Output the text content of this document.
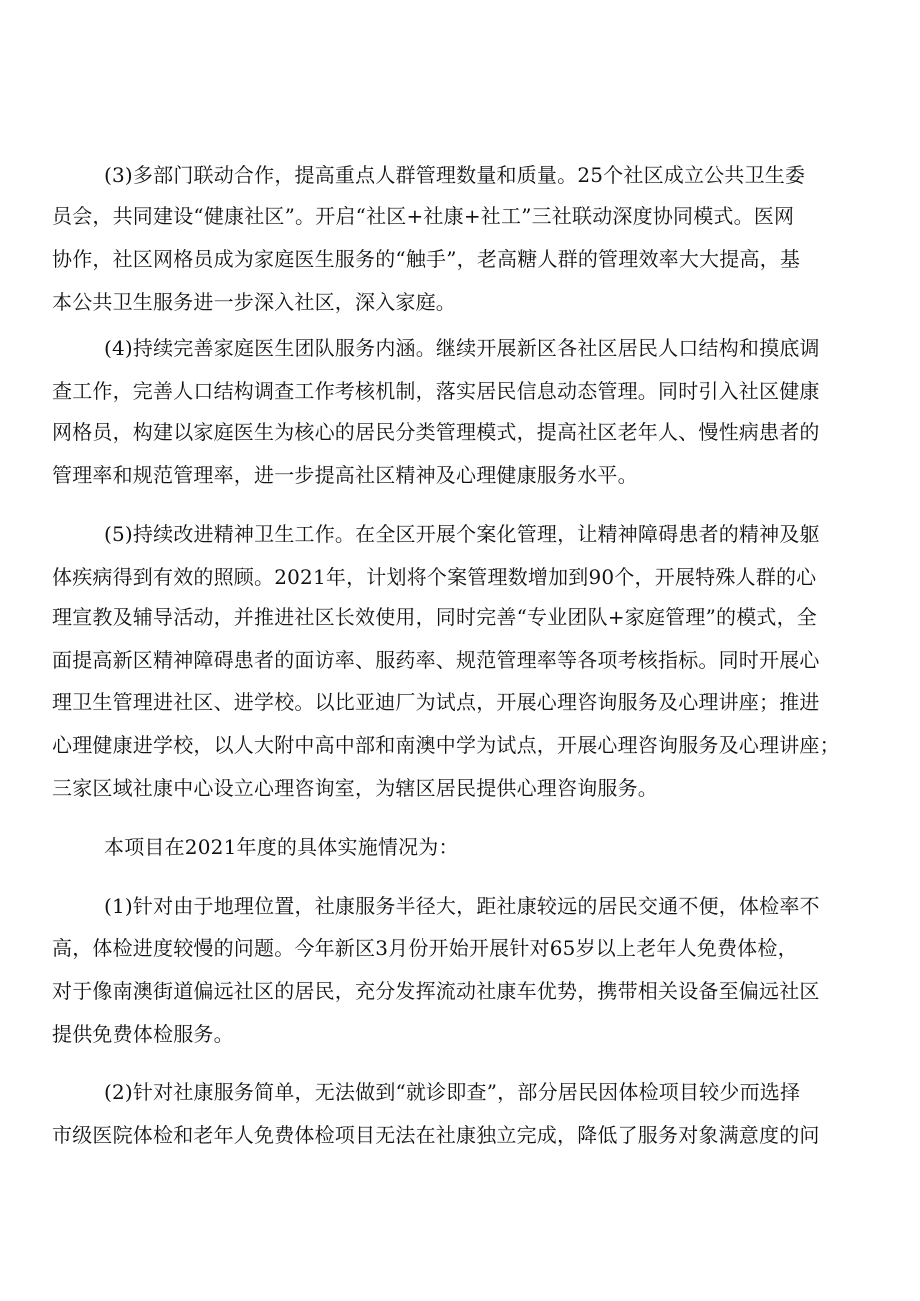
(3)多部门联动合作，提高重点人群管理数量和质量。25个社区成立公共卫生委
员会，共同建设“健康社区”。开启“社区+社康+社工”三社联动深度协同模式。医网
协作，社区网格员成为家庭医生服务的“触手”，老高糖人群的管理效率大大提高，基
本公共卫生服务进一步深入社区，深入家庭。
(4)持续完善家庭医生团队服务内涵。继续开展新区各社区居民人口结构和摸底调
查工作，完善人口结构调查工作考核机制，落实居民信息动态管理。同时引入社区健康
网格员，构建以家庭医生为核心的居民分类管理模式，提高社区老年人、慢性病患者的
管理率和规范管理率，进一步提高社区精神及心理健康服务水平。
(5)持续改进精神卫生工作。在全区开展个案化管理，让精神障碍患者的精神及躯
体疾病得到有效的照顾。2021年，计划将个案管理数增加到90个，开展特殊人群的心
理宣教及辅导活动，并推进社区长效使用，同时完善“专业团队+家庭管理”的模式，全
面提高新区精神障碍患者的面访率、服药率、规范管理率等各项考核指标。同时开展心
理卫生管理进社区、进学校。以比亚迪厂为试点，开展心理咨询服务及心理讲座；推进
心理健康进学校，以人大附中高中部和南澳中学为试点，开展心理咨询服务及心理讲座；
三家区域社康中心设立心理咨询室，为辖区居民提供心理咨询服务。
本项目在2021年度的具体实施情况为：
(1)针对由于地理位置，社康服务半径大，距社康较远的居民交通不便，体检率不
高，体检进度较慢的问题。今年新区3月份开始开展针对65岁以上老年人免费体检，
对于像南澳街道偏远社区的居民，充分发挥流动社康车优势，携带相关设备至偏远社区
提供免费体检服务。
(2)针对社康服务简单，无法做到“就诊即查”，部分居民因体检项目较少而选择
市级医院体检和老年人免费体检项目无法在社康独立完成，降低了服务对象满意度的问
